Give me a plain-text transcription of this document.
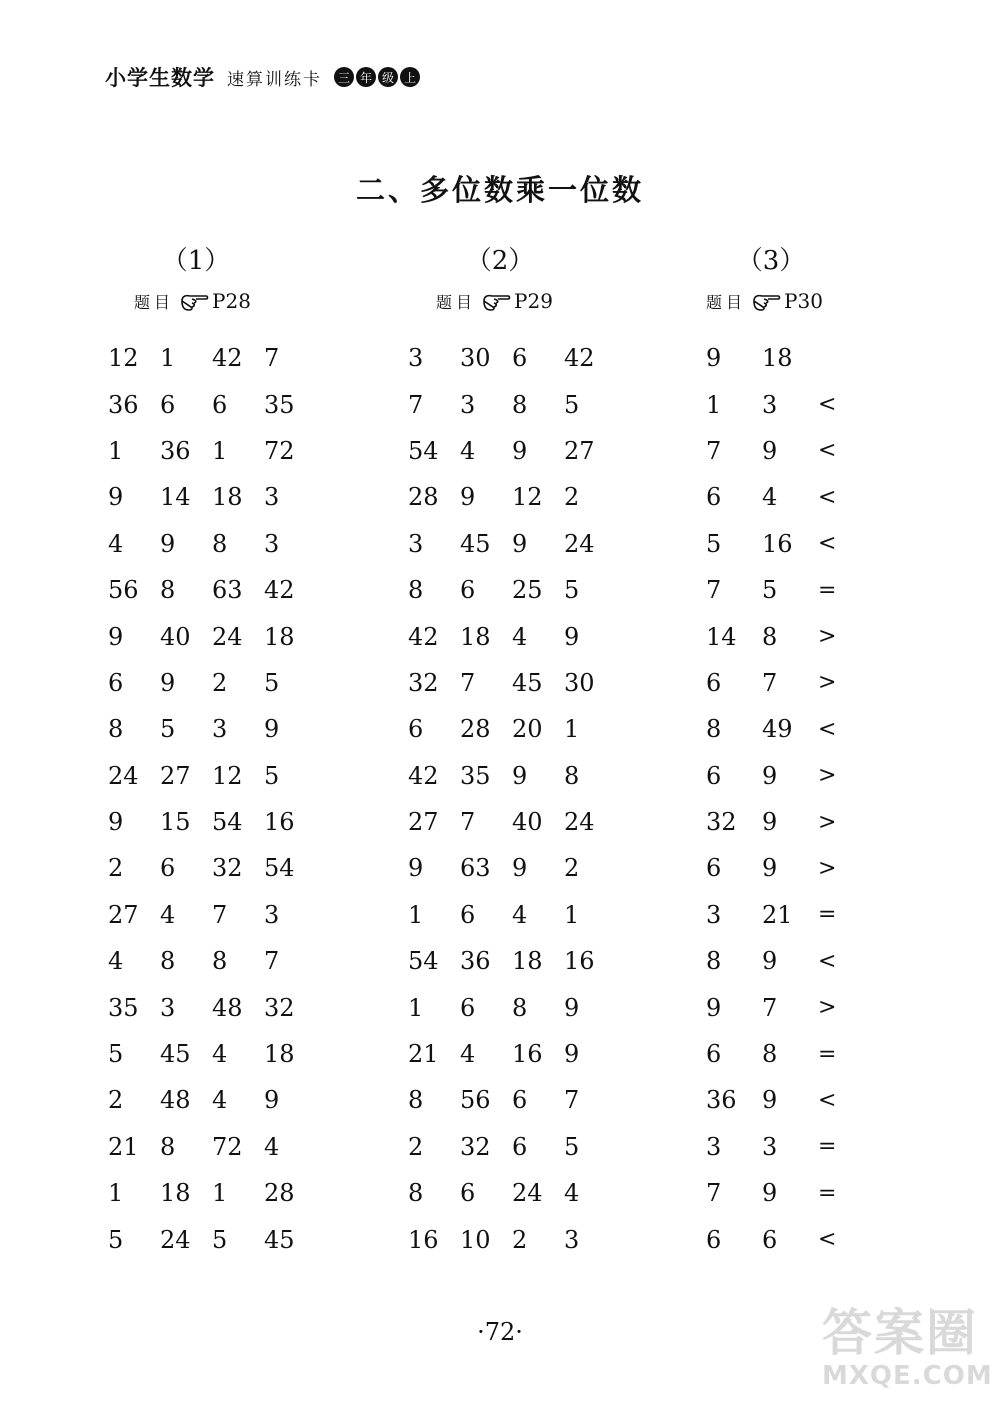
小学生数学 速算训练卡	三 年 级 上
二、多位数乘一位数
（1）
题目 P28
12 1	42 7
36 6	6	35
1	36 1	72
9	14 18 3
4	9	8	3
56 8	63 42
9	40 24 18
6	9	2	5
8	5	3	9
24 27 12 5
9	15 54 16
2	6	32 54
27 4	7	3
4	8	8	7
35 3	48 32
5	45 4	18
2	48 4	9
21 8	72 4
1	18 1	28
5	24 5	45
（2）
题目 P29
3	30 6	42
7	3	8	5
54 4	9	27
28 9	12 2
3	45 9	24
8	6	25 5
42 18 4	9
32 7	45 30
6	28 20 1
42 35 9	8
27 7	40 24
9	63 9	2
1	6	4	1
54 36 18 16
1	6	8	9
21 4	16 9
8	56 6	7
2	32 6	5
8	6	24 4
16 10 2	3
（3）
题目 P30
9	18
1	3	<
7	9	<
6	4	<
5	16	<
7	5	=
14	8	>
6	7	>
8	49	<
6	9	>
32	9	>
6	9	>
3	21	=
8	9	<
9	7	>
6	8	=
36	9	<
3	3	=
7	9	=
6	6	<
·72·	答案圈
MXQE.COM
